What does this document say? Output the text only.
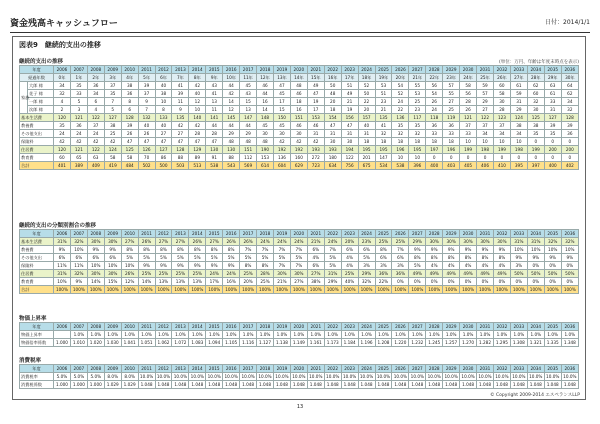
資金残高キャッシュフロー	日付：2014/1/1
図表9　継続的支出の推移
継続的支出の推移	(単位：万円、年齢は年度末時点を表示)
年度		2006	2007	2008	2009	2010	2011	2012	2013	2014	2015	2016	2017	2018	2019	2020	2021	2022	2023	2024	2025	2026	2027	2028	2029	2030	2031	2032	2033	2034	2035	2036
経過年数		0年	1年	2年	3年	4年	5年	6年	7年	8年	9年	10年	11年	12年	13年	14年	15年	16年	17年	18年	19年	20年	21年	22年	23年	24年	25年	26年	27年	28年	29年	30年
家族	大郎 様	34	35	36	37	38	39	40	41	42	43	44	45	46	47	48	49	50	51	52	53	54	55	56	57	58	59	60	61	62	63	64
	花子 様	32	33	34	35	36	37	38	39	40	41	42	43	44	45	46	47	48	49	50	51	52	53	54	55	56	57	58	59	60	61	62
	一郎 様	4	5	6	7	8	9	10	11	12	13	14	15	16	17	18	19	20	21	22	23	24	25	26	27	28	29	30	31	32	33	34
	次郎 様	2	3	4	5	6	7	8	9	10	11	12	13	14	15	16	17	18	19	20	21	22	23	24	25	26	27	28	29	30	31	32
基本生活費		120	121	122	127	128	132	133	135	140	141	145	147	148	150	151	153	154	156	157	135	136	117	118	119	121	122	123	124	125	127	128
教養費		35	36	37	38	39	40	40	42	42	44	44	44	45	45	46	46	47	47	40	41	35	35	36	36	37	37	37	38	38	39	39
その他支出		24	24	24	25	26	26	27	27	28	28	29	29	30	30	30	31	31	31	31	32	32	32	33	33	33	34	34	34	35	35	36
保険料		42	42	42	42	47	47	47	47	47	47	48	48	48	42	42	42	30	30	18	18	18	18	18	18	10	10	10	10	0	0	0
住居費		120	121	122	124	125	126	127	128	129	130	130	151	190	192	192	193	193	194	195	195	196	195	197	196	199	198	199	198	199	200	200
教育費		60	65	63	58	58	70	86	88	89	91	88	112	153	136	160	272	180	122	201	147	10	10	0	0	0	0	0	0	0	0	0
合計		401	389	409	419	484	502	500	503	513	538	543	569	614	604	629	723	634	756	675	534	538	396	400	403	405	406	410	395	397	400	402
継続的支出の分類別割合の推移
年度	2006	2007	2008	2009	2010	2011	2012	2013	2014	2015	2016	2017	2018	2019	2020	2021	2022	2023	2024	2025	2026	2027	2028	2029	2030	2031	2032	2033	2034	2035	2036
基本生活費	31%	32%	30%	30%	27%	26%	27%	27%	26%	27%	26%	26%	24%	24%	24%	21%	24%	20%	23%	25%	25%	29%	30%	30%	30%	30%	30%	31%	31%	32%	32%
教養費	9%	10%	9%	9%	8%	8%	8%	8%	8%	8%	8%	7%	7%	7%	7%	6%	7%	6%	6%	8%	7%	9%	9%	9%	9%	9%	9%	10%	10%	10%	10%
その他支出	6%	6%	6%	6%	5%	5%	5%	5%	5%	5%	5%	5%	5%	5%	5%	4%	5%	4%	5%	6%	6%	8%	8%	8%	8%	8%	8%	9%	9%	9%	9%
保険料	11%	11%	10%	10%	10%	9%	9%	9%	9%	9%	9%	8%	8%	7%	7%	6%	5%	4%	3%	3%	3%	5%	4%	4%	4%	4%	4%	3%	0%	0%	0%
住居費	31%	32%	30%	30%	26%	25%	25%	25%	25%	24%	24%	25%	28%	30%	30%	27%	31%	25%	29%	36%	36%	49%	49%	49%	49%	49%	49%	50%	50%	50%	50%
教育費	10%	9%	14%	15%	12%	14%	13%	13%	13%	17%	16%	20%	25%	21%	27%	38%	29%	40%	32%	22%	0%	0%	0%	0%	0%	0%	0%	0%	0%	0%	0%
合計	100%	100%	100%	100%	100%	100%	100%	100%	100%	100%	100%	100%	100%	100%	100%	100%	100%	100%	100%	100%	100%	100%	100%	100%	100%	100%	100%	100%	100%	100%	100%
物価上昇率
年度	2006	2007	2008	2009	2010	2011	2012	2013	2014	2015	2016	2017	2018	2019	2020	2021	2022	2023	2024	2025	2026	2027	2028	2029	2030	2031	2032	2033	2034	2035	2036
物価上昇率		1.0%	1.0%	1.0%	1.0%	1.0%	1.0%	1.0%	1.0%	1.0%	1.0%	1.0%	1.0%	1.0%	1.0%	1.0%	1.0%	1.0%	1.0%	1.0%	1.0%	1.0%	1.0%	1.0%	1.0%	1.0%	1.0%	1.0%	1.0%	1.0%	1.0%
物価倍率係数	1.000	1.010	1.020	1.030	1.041	1.051	1.062	1.072	1.083	1.094	1.105	1.116	1.127	1.138	1.149	1.161	1.173	1.184	1.196	1.208	1.220	1.232	1.245	1.257	1.270	1.282	1.295	1.308	1.321	1.335	1.348
消費税率
年度	2006	2007	2008	2009	2010	2011	2012	2013	2014	2015	2016	2017	2018	2019	2020	2021	2022	2023	2024	2025	2026	2027	2028	2029	2030	2031	2032	2033	2034	2035	2036
消費税率	5.0%	5.0%	5.0%	8.0%	8.0%	10.0%	10.0%	10.0%	10.0%	10.0%	10.0%	10.0%	10.0%	10.0%	10.0%	10.0%	10.0%	10.0%	10.0%	10.0%	10.0%	10.0%	10.0%	10.0%	10.0%	10.0%	10.0%	10.0%	10.0%	10.0%	10.0%
消費税係数	1.000	1.000	1.000	1.029	1.029	1.048	1.048	1.048	1.048	1.048	1.048	1.048	1.048	1.048	1.048	1.048	1.048	1.048	1.048	1.048	1.048	1.048	1.048	1.048	1.048	1.048	1.048	1.048	1.048	1.048	1.048
© Copyright 2009-2014 エスペランスLLP
13
